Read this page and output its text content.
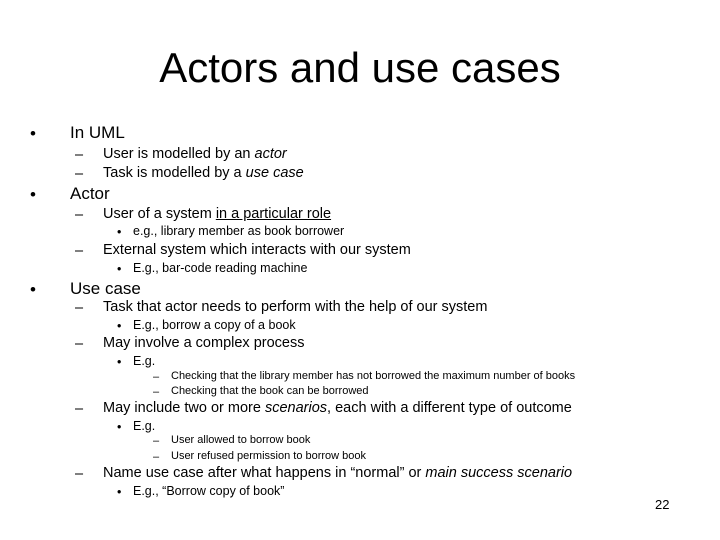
Actors and use cases
• In UML
– User is modelled by an actor
– Task is modelled by a use case
• Actor
– User of a system in a particular role
• e.g., library member as book borrower
– External system which interacts with our system
• E.g., bar-code reading machine
• Use case
– Task that actor needs to perform with the help of our system
• E.g., borrow a copy of a book
– May involve a complex process
• E.g.
– Checking that the library member has not borrowed the maximum number of books
– Checking that the book can be borrowed
– May include two or more scenarios, each with a different type of outcome
• E.g.
– User allowed to borrow book
– User refused permission to borrow book
– Name use case after what happens in “normal” or main success scenario
• E.g., “Borrow copy of book”
22
